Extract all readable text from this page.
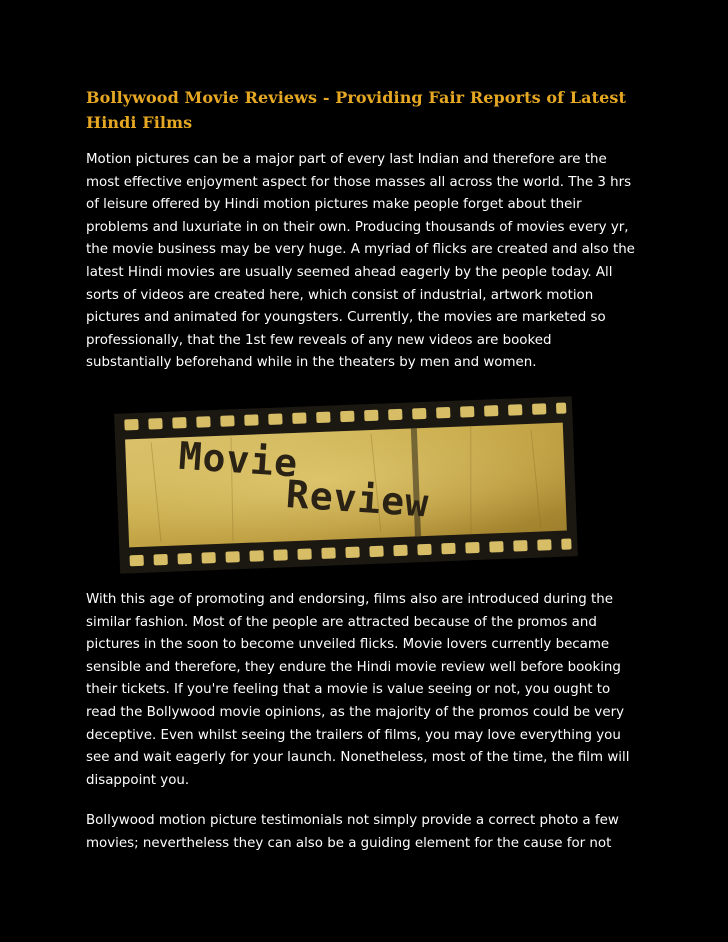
Bollywood Movie Reviews - Providing Fair Reports of Latest
Hindi Films

Motion pictures can be a major part of every last Indian and therefore are the
most effective enjoyment aspect for those masses all across the world. The 3 hrs
of leisure offered by Hindi motion pictures make people forget about their
problems and luxuriate in on their own. Producing thousands of movies every yr,
the movie business may be very huge. A myriad of flicks are created and also the
latest Hindi movies are usually seemed ahead eagerly by the people today. All
sorts of videos are created here, which consist of industrial, artwork motion
pictures and animated for youngsters. Currently, the movies are marketed so
professionally, that the 1st few reveals of any new videos are booked
substantially beforehand while in the theaters by men and women.

Movie
Review

With this age of promoting and endorsing, films also are introduced during the
similar fashion. Most of the people are attracted because of the promos and
pictures in the soon to become unveiled flicks. Movie lovers currently became
sensible and therefore, they endure the Hindi movie review well before booking
their tickets. If you're feeling that a movie is value seeing or not, you ought to
read the Bollywood movie opinions, as the majority of the promos could be very
deceptive. Even whilst seeing the trailers of films, you may love everything you
see and wait eagerly for your launch. Nonetheless, most of the time, the film will
disappoint you.

Bollywood motion picture testimonials not simply provide a correct photo a few
movies; nevertheless they can also be a guiding element for the cause for not
